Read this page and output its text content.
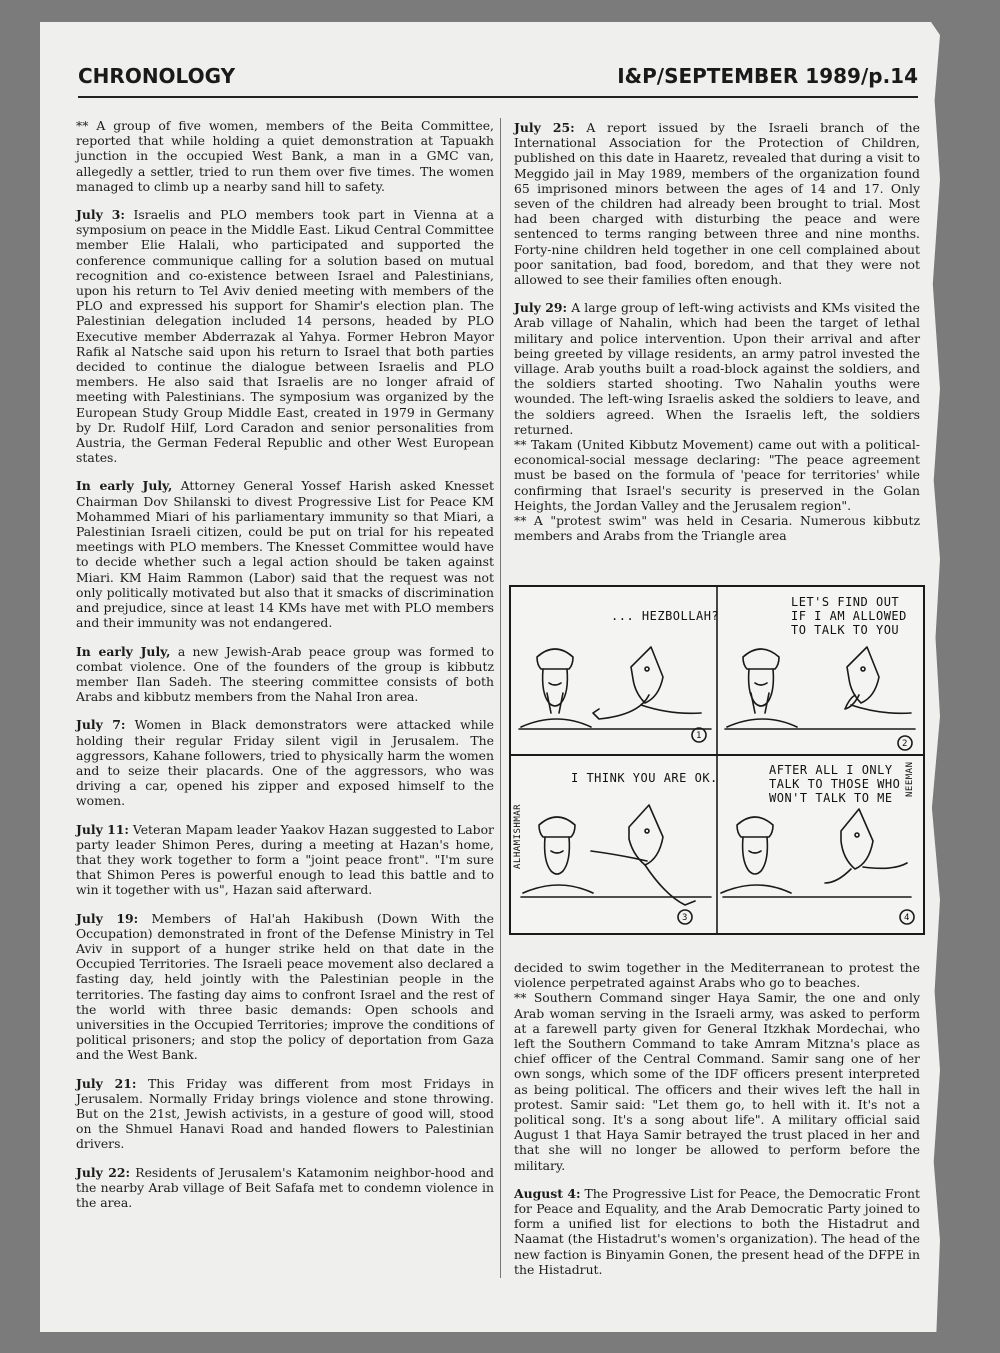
CHRONOLOGY	I&P/SEPTEMBER 1989/p.14

** A group of five women, members of the Beita Committee, reported that while holding a quiet demonstration at Tapuakh junction in the occupied West Bank, a man in a GMC van, allegedly a settler, tried to run them over five times. The women managed to climb up a nearby sand hill to safety.

July 3: Israelis and PLO members took part in Vienna at a symposium on peace in the Middle East. Likud Central Committee member Elie Halali, who participated and supported the conference communique calling for a solution based on mutual recognition and co-existence between Israel and Palestinians, upon his return to Tel Aviv denied meeting with members of the PLO and expressed his support for Shamir's election plan. The Palestinian delegation included 14 persons, headed by PLO Executive member Abderrazak al Yahya. Former Hebron Mayor Rafik al Natsche said upon his return to Israel that both parties decided to continue the dialogue between Israelis and PLO members. He also said that Israelis are no longer afraid of meeting with Palestinians. The symposium was organized by the European Study Group Middle East, created in 1979 in Germany by Dr. Rudolf Hilf, Lord Caradon and senior personalities from Austria, the German Federal Republic and other West European states.

In early July, Attorney General Yossef Harish asked Knesset Chairman Dov Shilanski to divest Progressive List for Peace KM Mohammed Miari of his parliamentary immunity so that Miari, a Palestinian Israeli citizen, could be put on trial for his repeated meetings with PLO members. The Knesset Committee would have to decide whether such a legal action should be taken against Miari. KM Haim Rammon (Labor) said that the request was not only politically motivated but also that it smacks of discrimination and prejudice, since at least 14 KMs have met with PLO members and their immunity was not endangered.

In early July, a new Jewish-Arab peace group was formed to combat violence. One of the founders of the group is kibbutz member Ilan Sadeh. The steering committee consists of both Arabs and kibbutz members from the Nahal Iron area.

July 7: Women in Black demonstrators were attacked while holding their regular Friday silent vigil in Jerusalem. The aggressors, Kahane followers, tried to physically harm the women and to seize their placards. One of the aggressors, who was driving a car, opened his zipper and exposed himself to the women.

July 11: Veteran Mapam leader Yaakov Hazan suggested to Labor party leader Shimon Peres, during a meeting at Hazan's home, that they work together to form a "joint peace front". "I'm sure that Shimon Peres is powerful enough to lead this battle and to win it together with us", Hazan said afterward.

July 19: Members of Hal'ah Hakibush (Down With the Occupation) demonstrated in front of the Defense Ministry in Tel Aviv in support of a hunger strike held on that date in the Occupied Territories. The Israeli peace movement also declared a fasting day, held jointly with the Palestinian people in the territories. The fasting day aims to confront Israel and the rest of the world with three basic demands: Open schools and universities in the Occupied Territories; improve the conditions of political prisoners; and stop the policy of deportation from Gaza and the West Bank.

July 21: This Friday was different from most Fridays in Jerusalem. Normally Friday brings violence and stone throwing. But on the 21st, Jewish activists, in a gesture of good will, stood on the Shmuel Hanavi Road and handed flowers to Palestinian drivers.

July 22: Residents of Jerusalem's Katamonim neighbor-hood and the nearby Arab village of Beit Safafa met to condemn violence in the area.

July 25: A report issued by the Israeli branch of the International Association for the Protection of Children, published on this date in Haaretz, revealed that during a visit to Meggido jail in May 1989, members of the organization found 65 imprisoned minors between the ages of 14 and 17. Only seven of the children had already been brought to trial. Most had been charged with disturbing the peace and were sentenced to terms ranging between three and nine months. Forty-nine children held together in one cell complained about poor sanitation, bad food, boredom, and that they were not allowed to see their families often enough.

July 29: A large group of left-wing activists and KMs visited the Arab village of Nahalin, which had been the target of lethal military and police intervention. Upon their arrival and after being greeted by village residents, an army patrol invested the village. Arab youths built a road-block against the soldiers, and the soldiers started shooting. Two Nahalin youths were wounded. The left-wing Israelis asked the soldiers to leave, and the soldiers agreed. When the Israelis left, the soldiers returned.

** Takam (United Kibbutz Movement) came out with a political-economical-social message declaring: "The peace agreement must be based on the formula of 'peace for territories' while confirming that Israel's security is preserved in the Golan Heights, the Jordan Valley and the Jerusalem region".

** A "protest swim" was held in Cesaria. Numerous kibbutz members and Arabs from the Triangle area

... HEZBOLLAH?
LET'S FIND OUT IF I AM ALLOWED TO TALK TO YOU
I THINK YOU ARE OK.
AFTER ALL I ONLY TALK TO THOSE WHO WON'T TALK TO ME
ALHAMISHMAR
NEEMAN
1
2
3	4

decided to swim together in the Mediterranean to protest the violence perpetrated against Arabs who go to beaches.

** Southern Command singer Haya Samir, the one and only Arab woman serving in the Israeli army, was asked to perform at a farewell party given for General Itzkhak Mordechai, who left the Southern Command to take Amram Mitzna's place as chief officer of the Central Command. Samir sang one of her own songs, which some of the IDF officers present interpreted as being political. The officers and their wives left the hall in protest. Samir said: "Let them go, to hell with it. It's not a political song. It's a song about life". A military official said August 1 that Haya Samir betrayed the trust placed in her and that she will no longer be allowed to perform before the military.

August 4: The Progressive List for Peace, the Democratic Front for Peace and Equality, and the Arab Democratic Party joined to form a unified list for elections to both the Histadrut and Naamat (the Histadrut's women's organization). The head of the new faction is Binyamin Gonen, the present head of the DFPE in the Histadrut.
